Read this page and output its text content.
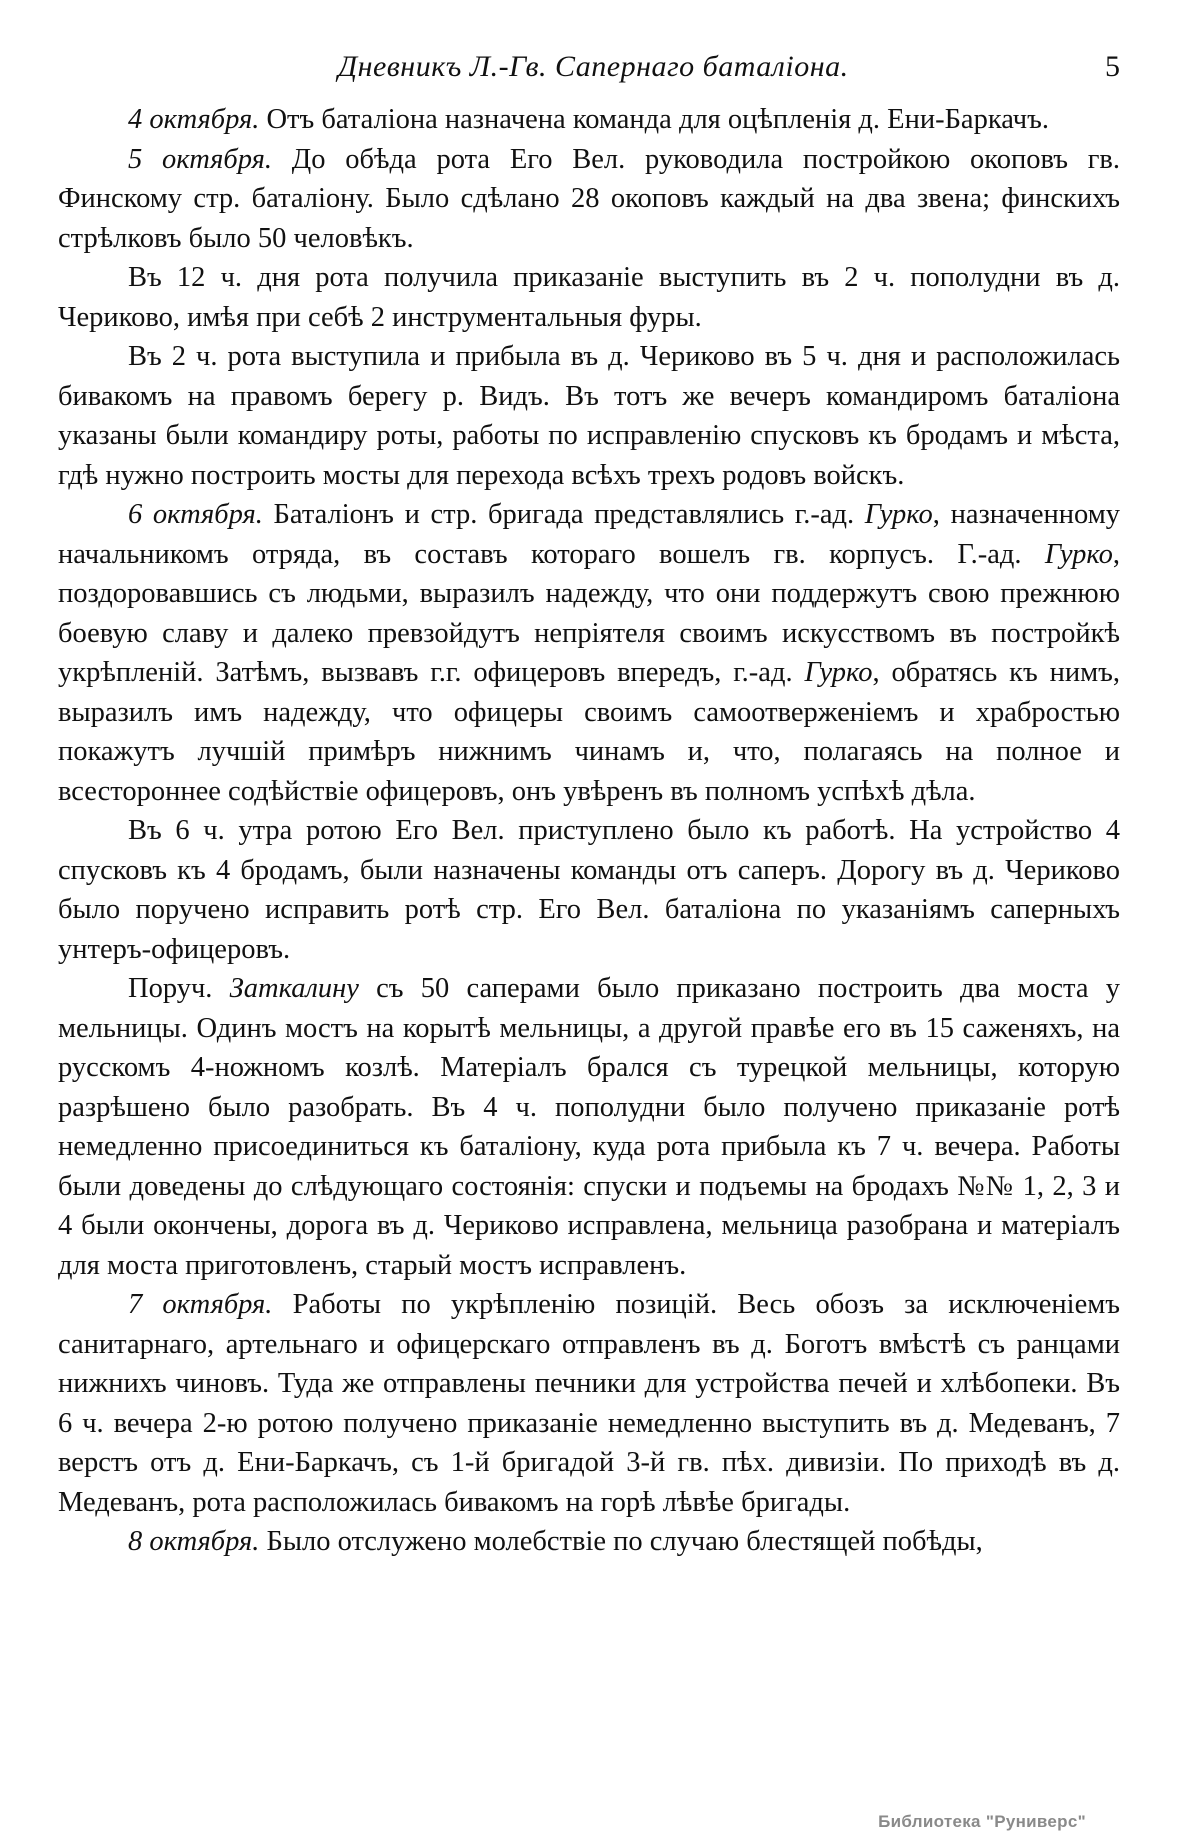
Дневникъ Л.-Гв. Сапернаго баталіона.	5

4 октября. Отъ баталіона назначена команда для оцѣпленія д. Ени-Баркачъ.

5 октября. До обѣда рота Его Вел. руководила постройкою окоповъ гв. Финскому стр. баталіону. Было сдѣлано 28 окоповъ каждый на два звена; финскихъ стрѣлковъ было 50 человѣкъ.

Въ 12 ч. дня рота получила приказаніе выступить въ 2 ч. пополудни въ д. Чериково, имѣя при себѣ 2 инструментальныя фуры.

Въ 2 ч. рота выступила и прибыла въ д. Чериково въ 5 ч. дня и расположилась бивакомъ на правомъ берегу р. Видъ. Въ тотъ же вечеръ командиромъ баталіона указаны были командиру роты, работы по исправленію спусковъ къ бродамъ и мѣста, гдѣ нужно построить мосты для перехода всѣхъ трехъ родовъ войскъ.

6 октября. Баталіонъ и стр. бригада представлялись г.-ад. Гурко, назначенному начальникомъ отряда, въ составъ котораго вошелъ гв. корпусъ. Г.-ад. Гурко, поздоровавшись съ людьми, выразилъ надежду, что они поддержутъ свою прежнюю боевую славу и далеко превзойдутъ непріятеля своимъ искусствомъ въ постройкѣ укрѣпленій. Затѣмъ, вызвавъ г.г. офицеровъ впередъ, г.-ад. Гурко, обратясь къ нимъ, выразилъ имъ надежду, что офицеры своимъ самоотверженіемъ и храбростью покажутъ лучшій примѣръ нижнимъ чинамъ и, что, полагаясь на полное и всестороннее содѣйствіе офицеровъ, онъ увѣренъ въ полномъ успѣхѣ дѣла.

Въ 6 ч. утра ротою Его Вел. приступлено было къ работѣ. На устройство 4 спусковъ къ 4 бродамъ, были назначены команды отъ саперъ. Дорогу въ д. Чериково было поручено исправить ротѣ стр. Его Вел. баталіона по указаніямъ саперныхъ унтеръ-офицеровъ.

Поруч. Заткалину съ 50 саперами было приказано построить два моста у мельницы. Одинъ мостъ на корытѣ мельницы, а другой правѣе его въ 15 саженяхъ, на русскомъ 4-ножномъ козлѣ. Матеріалъ брался съ турецкой мельницы, которую разрѣшено было разобрать. Въ 4 ч. пополудни было получено приказаніе ротѣ немедленно присоединиться къ баталіону, куда рота прибыла къ 7 ч. вечера. Работы были доведены до слѣдующаго состоянія: спуски и подъемы на бродахъ №№ 1, 2, 3 и 4 были окончены, дорога въ д. Чериково исправлена, мельница разобрана и матеріалъ для моста приготовленъ, старый мостъ исправленъ.

7 октября. Работы по укрѣпленію позицій. Весь обозъ за исключеніемъ санитарнаго, артельнаго и офицерскаго отправленъ въ д. Боготъ вмѣстѣ съ ранцами нижнихъ чиновъ. Туда же отправлены печники для устройства печей и хлѣбопеки. Въ 6 ч. вечера 2-ю ротою получено приказаніе немедленно выступить въ д. Медеванъ, 7 верстъ отъ д. Ени-Баркачъ, съ 1-й бригадой 3-й гв. пѣх. дивизіи. По приходѣ въ д. Медеванъ, рота расположилась бивакомъ на горѣ лѣвѣе бригады.

8 октября. Было отслужено молебствіе по случаю блестящей побѣды,

Библиотека "Руниверс"
